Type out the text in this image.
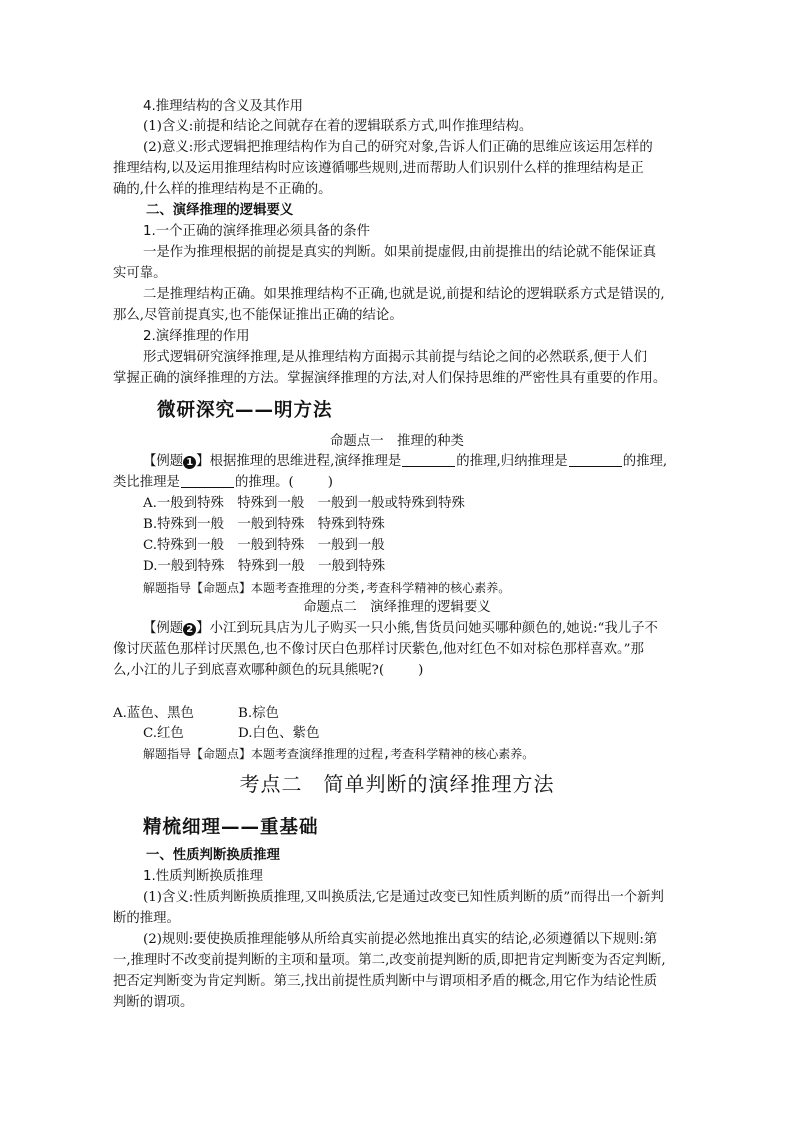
4.推理结构的含义及其作用
(1)含义:前提和结论之间就存在着的逻辑联系方式,叫作推理结构。
(2)意义:形式逻辑把推理结构作为自己的研究对象,告诉人们正确的思维应该运用怎样的
推理结构,以及运用推理结构时应该遵循哪些规则,进而帮助人们识别什么样的推理结构是正
确的,什么样的推理结构是不正确的。
二、演绎推理的逻辑要义
1.一个正确的演绎推理必须具备的条件
一是作为推理根据的前提是真实的判断。如果前提虚假,由前提推出的结论就不能保证真
实可靠。
二是推理结构正确。如果推理结构不正确,也就是说,前提和结论的逻辑联系方式是错误的,
那么,尽管前提真实,也不能保证推出正确的结论。
2.演绎推理的作用
形式逻辑研究演绎推理,是从推理结构方面揭示其前提与结论之间的必然联系,便于人们
掌握正确的演绎推理的方法。掌握演绎推理的方法,对人们保持思维的严密性具有重要的作用。
微研深究——明方法
命题点一　推理的种类
【例题 1 】根据推理的思维进程,演绎推理是	的推理,归纳推理是	的推理,
类比推理是	的推理。(	)
A.一般到特殊　特殊到一般　一般到一般或特殊到特殊
B.特殊到一般　一般到特殊　特殊到特殊
C.特殊到一般　一般到特殊　一般到一般
D.一般到特殊　特殊到一般　一般到特殊
解题指导【命题点】本题考查推理的分类,考查科学精神的核心素养。
命题点二　演绎推理的逻辑要义
【例题 2 】小江到玩具店为儿子购买一只小熊,售货员问她买哪种颜色的,她说:“我儿子不
像讨厌蓝色那样讨厌黑色,也不像讨厌白色那样讨厌紫色,他对红色不如对棕色那样喜欢。”那
么,小江的儿子到底喜欢哪种颜色的玩具熊呢?(	)
A.蓝色、黑色	B.棕色
C.红色	D.白色、紫色
解题指导【命题点】本题考查演绎推理的过程,考查科学精神的核心素养。
考点二　简单判断的演绎推理方法
精梳细理——重基础
一、性质判断换质推理
1.性质判断换质推理
(1)含义:性质判断换质推理,又叫换质法,它是通过改变已知性质判断的质”而得出一个新判
断的推理。
(2)规则:要使换质推理能够从所给真实前提必然地推出真实的结论,必须遵循以下规则:第
一,推理时不改变前提判断的主项和量项。第二,改变前提判断的质,即把肯定判断变为否定判断,
把否定判断变为肯定判断。第三,找出前提性质判断中与谓项相矛盾的概念,用它作为结论性质
判断的谓项。
